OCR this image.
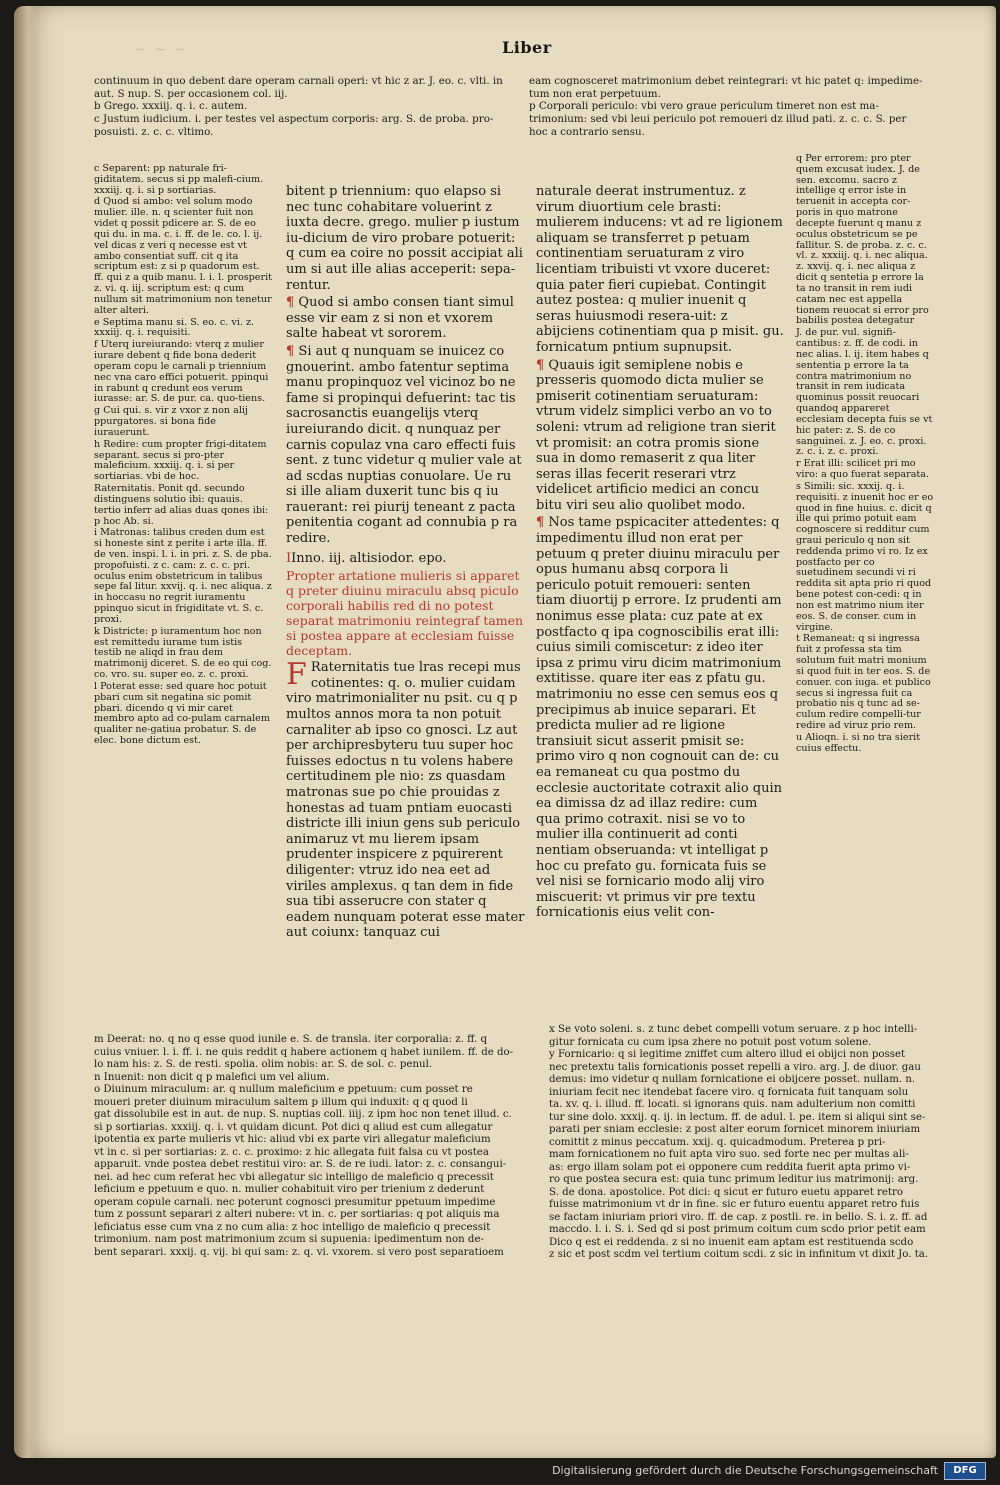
~ ~ ~	Liber

continuum in quo debent dare operam carnali operi: vt hic z ar. J. eo. c. vlti. in

aut. S nup. S. per occasionem col. iij.

b Grego. xxxiij. q. i. c. autem.

c Justum iudicium. i. per testes vel aspectum corporis: arg. S. de proba. pro-

posuisti. z. c. c. vltimo.

eam cognosceret matrimonium debet reintegrari: vt hic patet q: impedime-

tum non erat perpetuum.

p Corporali periculo: vbi vero graue periculum timeret non est ma-

trimonium: sed vbi leui periculo pot remoueri dz illud pati. z. c. c. S. per

hoc a contrario sensu.

c Separent: pp naturale fri-giditatem. secus si pp malefi-cium. xxxiij. q. i. si p sortiarias.

d Quod si ambo: vel solum modo mulier. ille. n. q scienter fuit non videt q possit pdicere ar. S. de eo qui du. in ma. c. i. ff. de le. co. l. ij. vel dicas z veri q necesse est vt ambo consentiat suff. cit q ita scriptum est: z si p quadorum est. ff. qui z a quib manu. l. i. l. prosperit z. vi. q. iij. scriptum est: q cum nullum sit matrimonium non tenetur alter alteri.

e Septima manu si. S. eo. c. vi. z. xxxiij. q. i. requisiti.

f Uterq iureiurando: vterq z mulier iurare debent q fide bona dederit operam copu le carnali p triennium nec vna caro effici potuerit. ppinqui in rabunt q credunt eos verum iurasse: ar. S. de pur. ca. quo-tiens.

g Cui qui. s. vir z vxor z non alij ppurgatores. si bona fide iurauerunt.

h Redire: cum propter frigi-ditatem separant. secus si pro-pter maleficium. xxxiij. q. i. si per sortiarias. vbi de hoc.

Raternitatis. Ponit qd. secundo distinguens solutio ibi: quauis. tertio inferr ad alias duas qones ibi: p hoc Ab. si.

i Matronas: talibus creden dum est si honeste sint z perite i arte illa. ff. de ven. inspi. l. i. in pri. z. S. de pba. propofuisti. z c. cam: z. c. c. pri. oculus enim obstetricum in talibus sepe fal litur. xxvij. q. i. nec aliqua. z in hoccasu no regrit iuramentu ppinquo sicut in frigiditate vt. S. c. proxi.

k Districte: p iuramentum hoc non est remittedu iurame tum istis testib ne aliqd in frau dem matrimonij diceret. S. de eo qui cog. co. vro. su. super eo. z. c. proxi.

l Poterat esse: sed quare hoc potuit pbari cum sit negatina sic pomit pbari. dicendo q vi mir caret membro apto ad co-pulam carnalem qualiter ne-gatiua probatur. S. de elec. bone dictum est.

bitent p triennium: quo elapso si nec tunc cohabitare voluerint z iuxta decre. grego. mulier p iustum iu-dicium de viro probare potuerit: q cum ea coire no possit accipiat ali um si aut ille alias acceperit: sepa-rentur.

¶ Quod si ambo consen tiant simul esse vir eam z si non et vxorem salte habeat vt sororem.

¶ Si aut q nunquam se inuicez co gnouerint. ambo fatentur septima manu propinquoz vel vicinoz bo ne fame si propinqui defuerint: tac tis sacrosanctis euangelijs vterq iureiurando dicit. q nunquaz per carnis copulaz vna caro effecti fuis sent. z tunc videtur q mulier vale at ad scdas nuptias conuolare. Ue ru si ille aliam duxerit tunc bis q iu rauerant: rei piurij teneant z pacta penitentia cogant ad connubia p ra redire.

IInno. iij. altisiodor. epo.

Propter artatione mulieris si apparet q preter diuinu miraculu absq piculo corporali habilis red di no potest separat matrimoniu reintegraf tamen si postea appare at ecclesiam fuisse deceptam.

F Raternitatis tue lras recepi mus cotinentes: q. o. mulier cuidam viro matrimonialiter nu psit. cu q p multos annos mora ta non potuit carnaliter ab ipso co gnosci. Lz aut per archipresbyteru tuu super hoc fuisses edoctus n tu volens habere certitudinem ple nio: zs quasdam matronas sue po chie prouidas z honestas ad tuam pntiam euocasti districte illi iniun gens sub periculo animaruz vt mu lierem ipsam prudenter inspicere z pquirerent diligenter: vtruz ido nea eet ad viriles amplexus. q tan dem in fide sua tibi asserucre con stater q eadem nunquam poterat esse mater aut coiunx: tanquaz cui

naturale deerat instrumentuz. z virum diuortium cele brasti: mulierem inducens: vt ad re ligionem aliquam se transferret p petuam continentiam seruaturam z viro licentiam tribuisti vt vxore duceret: quia pater fieri cupiebat. Contingit autez postea: q mulier inuenit q seras huiusmodi resera-uit: z abijciens cotinentiam qua p misit. gu. fornicatum pntium supnupsit.

¶ Quauis igit semiplene nobis e presseris quomodo dicta mulier se pmiserit cotinentiam seruaturam: vtrum videlz simplici verbo an vo to soleni: vtrum ad religione tran sierit vt promisit: an cotra promis sione sua in domo remaserit z qua liter seras illas fecerit reserari vtrz videlicet artificio medici an concu bitu viri seu alio quolibet modo.

¶ Nos tame pspicaciter attedentes: q impedimentu illud non erat per petuum q preter diuinu miraculu per opus humanu absq corpora li periculo potuit remoueri: senten tiam diuortij p errore. Iz prudenti am nonimus esse plata: cuz pate at ex postfacto q ipa cognoscibilis erat illi: cuius simili comiscetur: z ideo iter ipsa z primu viru dicim matrimonium extitisse. quare iter eas z pfatu gu. matrimoniu no esse cen semus eos q precipimus ab inuice separari. Et predicta mulier ad re ligione transiuit sicut asserit pmisit se: primo viro q non cognouit can de: cu ea remaneat cu qua postmo du ecclesie auctoritate cotraxit alio quin ea dimissa dz ad illaz redire: cum qua primo cotraxit. nisi se vo to mulier illa continuerit ad conti nentiam obseruanda: vt intelligat p hoc cu prefato gu. fornicata fuis se vel nisi se fornicario modo alij viro miscuerit: vt primus vir pre textu fornicationis eius velit con-

q Per errorem: pro pter quem excusat iudex. J. de sen. excomu. sacro z intellige q error iste in teruenit in accepta cor-poris in quo matrone decepte fuerunt q manu z oculus obstetricum se pe fallitur. S. de proba. z. c. c. vl. z. xxxiij. q. i. nec aliqua. z. xxvij. q. i. nec aliqua z dicit q sentetia p errore la ta no transit in rem iudi catam nec est appella tionem reuocat si error pro babilis postea detegatur

J. de pur. vul. signifi-cantibus: z. ff. de codi. in nec alias. l. ij. item habes q sententia p errore la ta contra matrimonium no transit in rem iudicata quominus possit reuocari quandoq appareret ecclesiam decepta fuis se vt hic pater: z. S. de co sanguinei. z. J. eo. c. proxi. z. c. i. z. c. proxi.

r Erat illi: scilicet pri mo viro: a quo fuerat separata.

s Simili: sic. xxxij. q. i. requisiti. z inuenit hoc er eo quod in fine huius. c. dicit q ille qui primo potuit eam cognoscere si redditur cum graui periculo q non sit reddenda primo vi ro. Iz ex postfacto per co suetudinem secundi vi ri reddita sit apta prio ri quod bene potest con-cedi: q in non est matrimo nium iter eos. S. de conser. cum in virgine.

t Remaneat: q si ingressa fuit z professa sta tim solutum fuit matri monium si quod fuit in ter eos. S. de conuer. con iuga. et publico secus si ingressa fuit ca probatio nis q tunc ad se-culum redire compelli-tur redire ad viruz prio rem.

u Alioqn. i. si no tra sierit cuius effectu.

m Deerat: no. q no q esse quod iunile e. S. de transla. iter corporalia: z. ff. q

cuius vniuer. l. i. ff. i. ne quis reddit q habere actionem q habet iunilem. ff. de do-

lo nam his: z. S. de resti. spolia. olim nobis: ar. S. de sol. c. penul.

n Inuenit: non dicit q p malefici um vel alium.

o Diuinum miraculum: ar. q nullum maleficium e ppetuum: cum posset re

moueri preter diuinum miraculum saltem p illum qui induxit: q q quod li

gat dissolubile est in aut. de nup. S. nuptias coll. iiij. z ipm hoc non tenet illud. c.

si p sortiarias. xxxiij. q. i. vt quidam dicunt. Pot dici q aliud est cum allegatur

ipotentia ex parte mulieris vt hic: aliud vbi ex parte viri allegatur maleficium

vt in c. si per sortiarias: z. c. c. proximo: z hic allegata fuit falsa cu vt postea

apparuit. vnde postea debet restitui viro: ar. S. de re iudi. lator: z. c. consangui-

nei. ad hec cum referat hec vbi allegatur sic intelligo de maleficio q precessit

leficium e ppetuum e quo. n. mulier cohabituit viro per trienium z dederunt

operam copule carnali. nec poterunt cognosci presumitur ppetuum impedime

tum z possunt separari z alteri nubere: vt in. c. per sortiarias: q pot aliquis ma

leficiatus esse cum vna z no cum alia: z hoc intelligo de maleficio q precessit

trimonium. nam post matrimonium zcum si supuenia: ipedimentum non de-

bent separari. xxxij. q. vij. bi qui sam: z. q. vi. vxorem. si vero post separatioem

x Se voto soleni. s. z tunc debet compelli votum seruare. z p hoc intelli-

gitur fornicata cu cum ipsa zhere no potuit post votum solene.

y Fornicario: q si legitime zniffet cum altero illud ei obijci non posset

nec pretextu talis fornicationis posset repelli a viro. arg. J. de diuor. gau

demus: imo videtur q nullam fornicatione ei obijcere posset. nullam. n.

iniuriam fecit nec itendebat facere viro. q fornicata fuit tanquam solu

ta. xv. q. i. illud. ff. locati. si ignorans quis. nam adulterium non comitti

tur sine dolo. xxxij. q. ij. in lectum. ff. de adul. l. pe. item si aliqui sint se-

parati per sniam ecclesie: z post alter eorum fornicet minorem iniuriam

comittit z minus peccatum. xxij. q. quicadmodum. Preterea p pri-

mam fornicationem no fuit apta viro suo. sed forte nec per multas ali-

as: ergo illam solam pot ei opponere cum reddita fuerit apta primo vi-

ro que postea secura est: quia tunc primum leditur ius matrimonij: arg.

S. de dona. apostolice. Pot dici: q sicut er futuro euetu apparet retro

fuisse matrimonium vt dr in fine. sic er futuro euentu apparet retro fuis

se factam iniuriam priori viro. ff. de cap. z postli. re. in bello. S. i. z. ff. ad

maccdo. l. i. S. i. Sed qd si post primum coitum cum scdo prior petit eam

Dico q est ei reddenda. z si no inuenit eam aptam est restituenda scdo

z sic et post scdm vel tertium coitum scdi. z sic in infinitum vt dixit Jo. ta.

Digitalisierung gefördert durch die Deutsche Forschungsgemeinschaft	DFG
